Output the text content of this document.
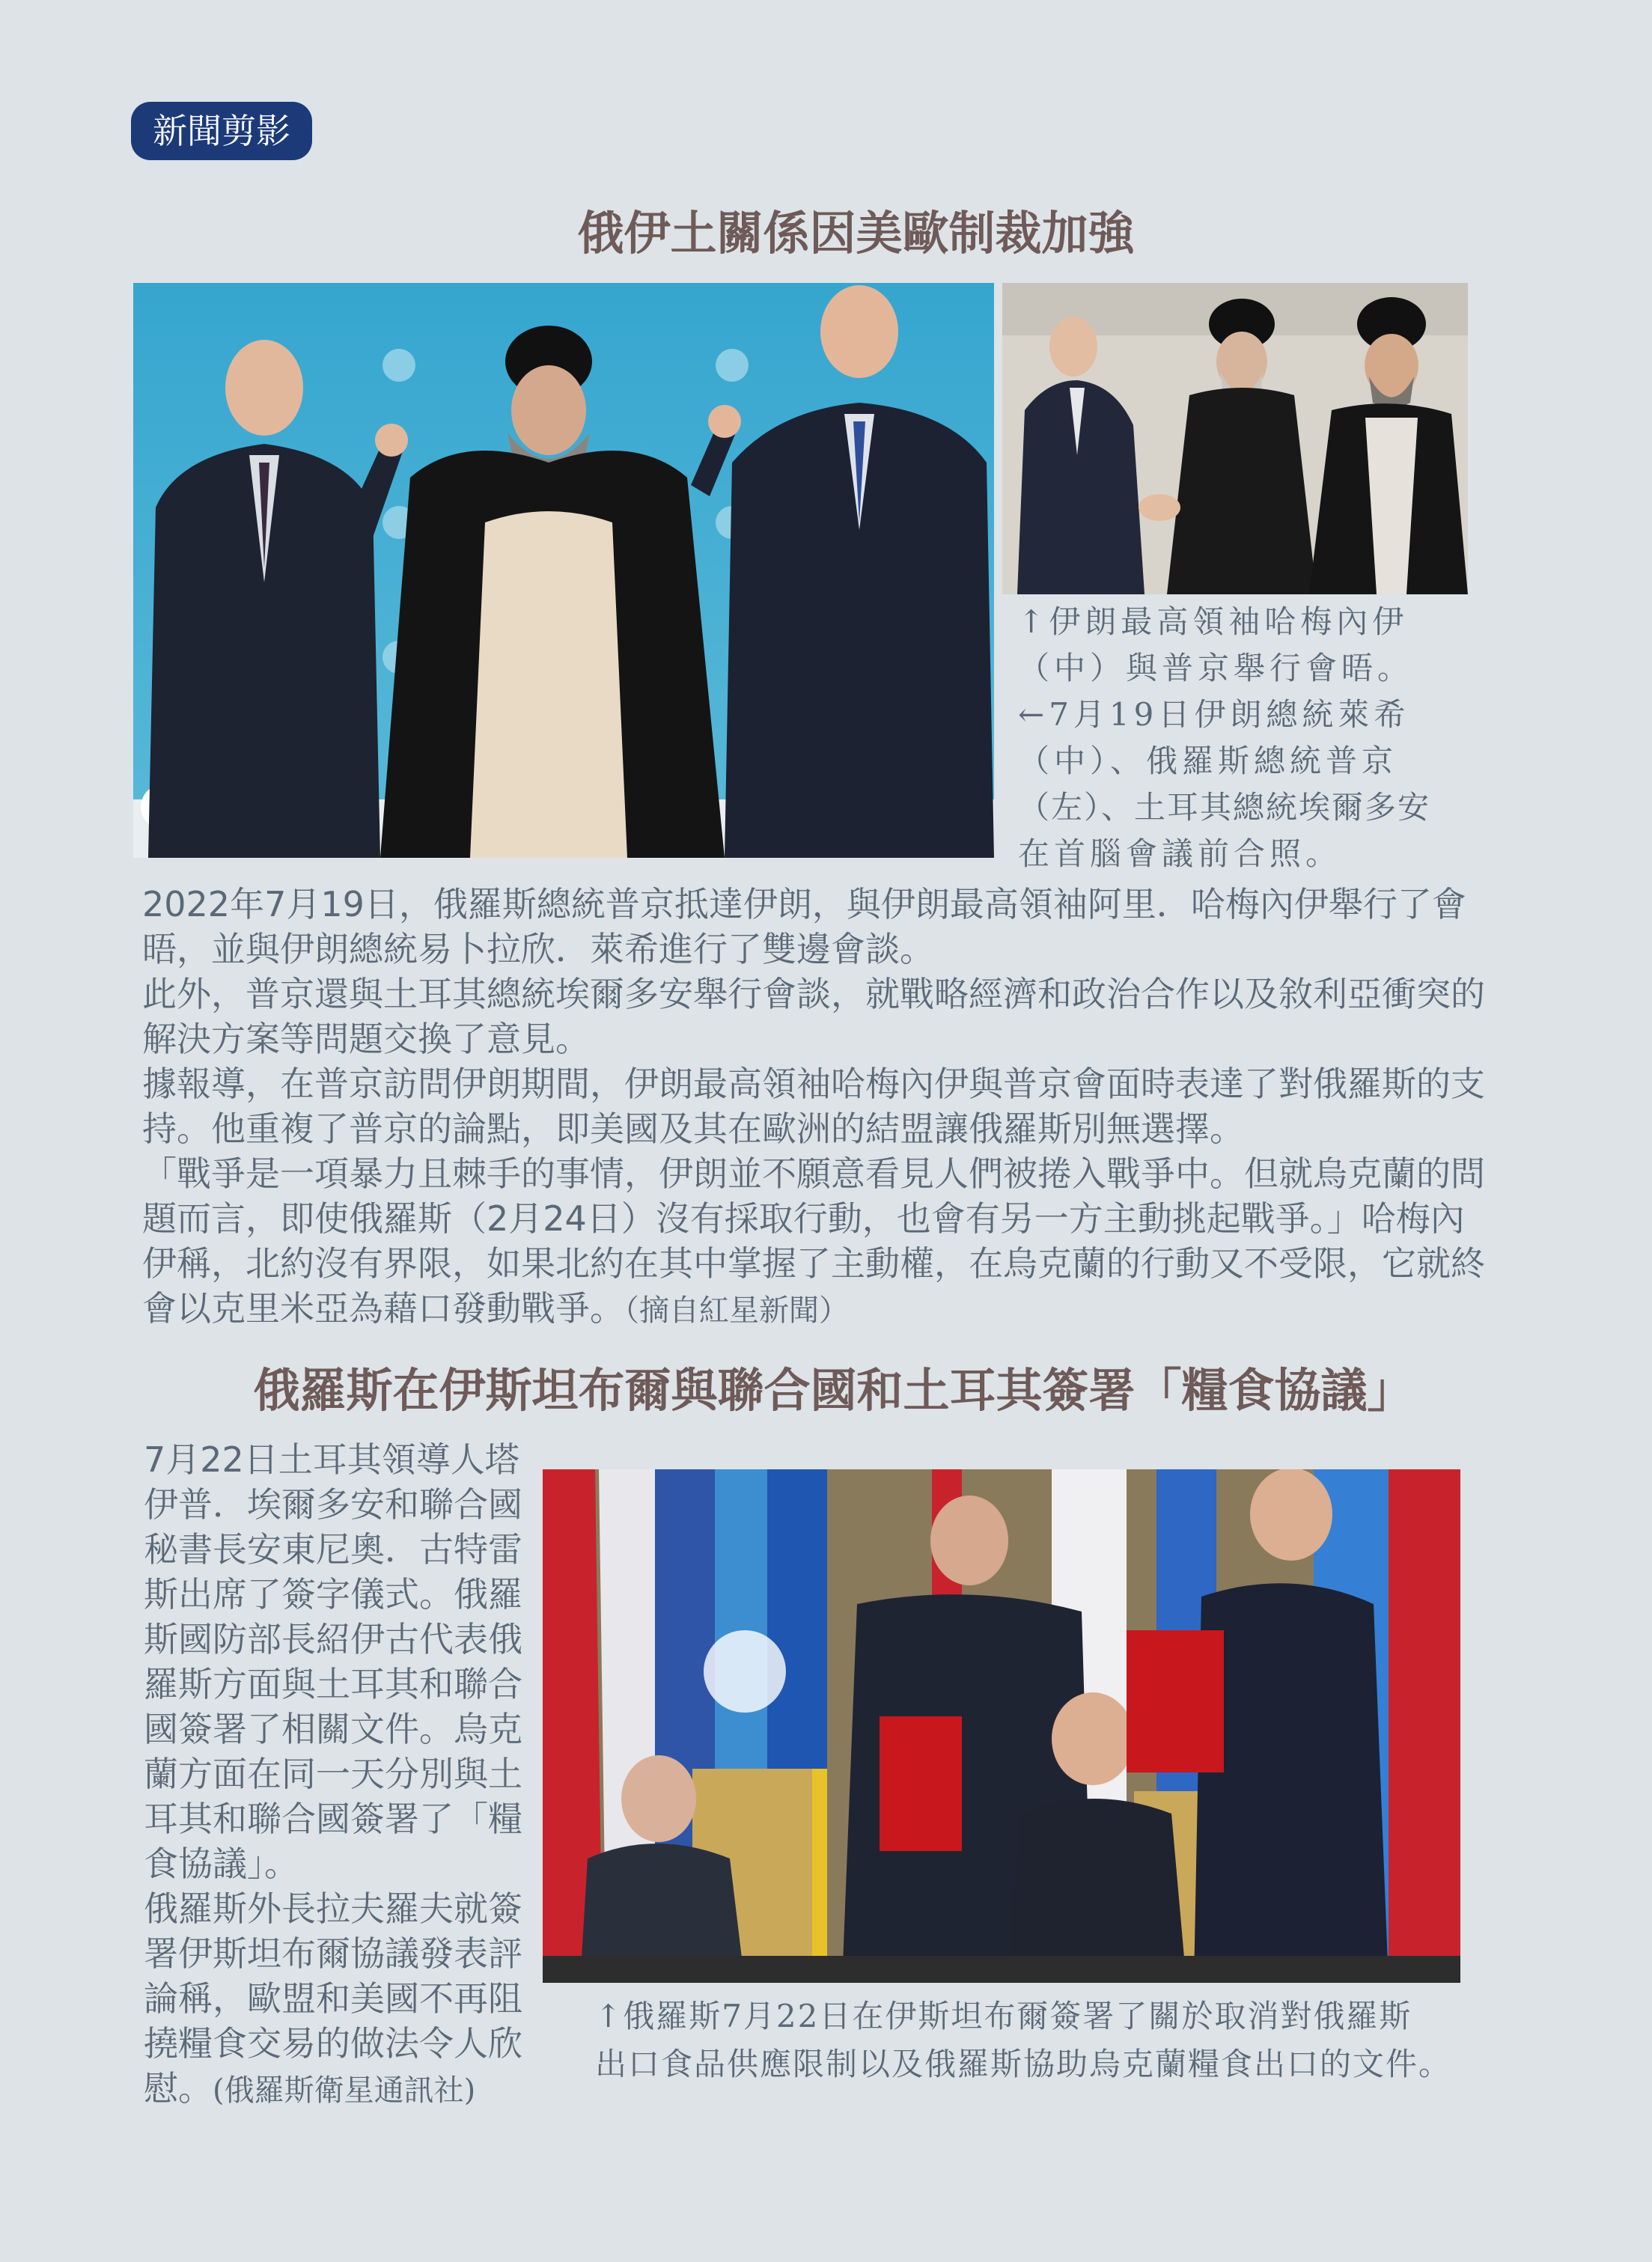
新聞剪影
俄伊土關係因美歐制裁加強
↑伊朗最高領袖哈梅內伊
（中）與普京舉行會晤。
←7月19日伊朗總統萊希
（中）、俄羅斯總統普京
（左）、土耳其總統埃爾多安
在首腦會議前合照。
2022年7月19日，俄羅斯總統普京抵達伊朗，與伊朗最高領袖阿里．哈梅內伊舉行了會
晤，並與伊朗總統易卜拉欣．萊希進行了雙邊會談。
此外，普京還與土耳其總統埃爾多安舉行會談，就戰略經濟和政治合作以及敘利亞衝突的
解決方案等問題交換了意見。
據報導，在普京訪問伊朗期間，伊朗最高領袖哈梅內伊與普京會面時表達了對俄羅斯的支
持。他重複了普京的論點，即美國及其在歐洲的結盟讓俄羅斯別無選擇。
「戰爭是一項暴力且棘手的事情，伊朗並不願意看見人們被捲入戰爭中。但就烏克蘭的問
題而言，即使俄羅斯（2月24日）沒有採取行動，也會有另一方主動挑起戰爭。」哈梅內
伊稱，北約沒有界限，如果北約在其中掌握了主動權，在烏克蘭的行動又不受限，它就終
會以克里米亞為藉口發動戰爭。（摘自紅星新聞）
俄羅斯在伊斯坦布爾與聯合國和土耳其簽署「糧食協議」
7月22日土耳其領導人塔
伊普．埃爾多安和聯合國
秘書長安東尼奧．古特雷
斯出席了簽字儀式。俄羅
斯國防部長紹伊古代表俄
羅斯方面與土耳其和聯合
國簽署了相關文件。烏克
蘭方面在同一天分別與土
耳其和聯合國簽署了「糧
食協議」。
俄羅斯外長拉夫羅夫就簽
署伊斯坦布爾協議發表評
論稱，歐盟和美國不再阻
撓糧食交易的做法令人欣
慰。(俄羅斯衛星通訊社)
↑俄羅斯7月22日在伊斯坦布爾簽署了關於取消對俄羅斯
出口食品供應限制以及俄羅斯協助烏克蘭糧食出口的文件。
